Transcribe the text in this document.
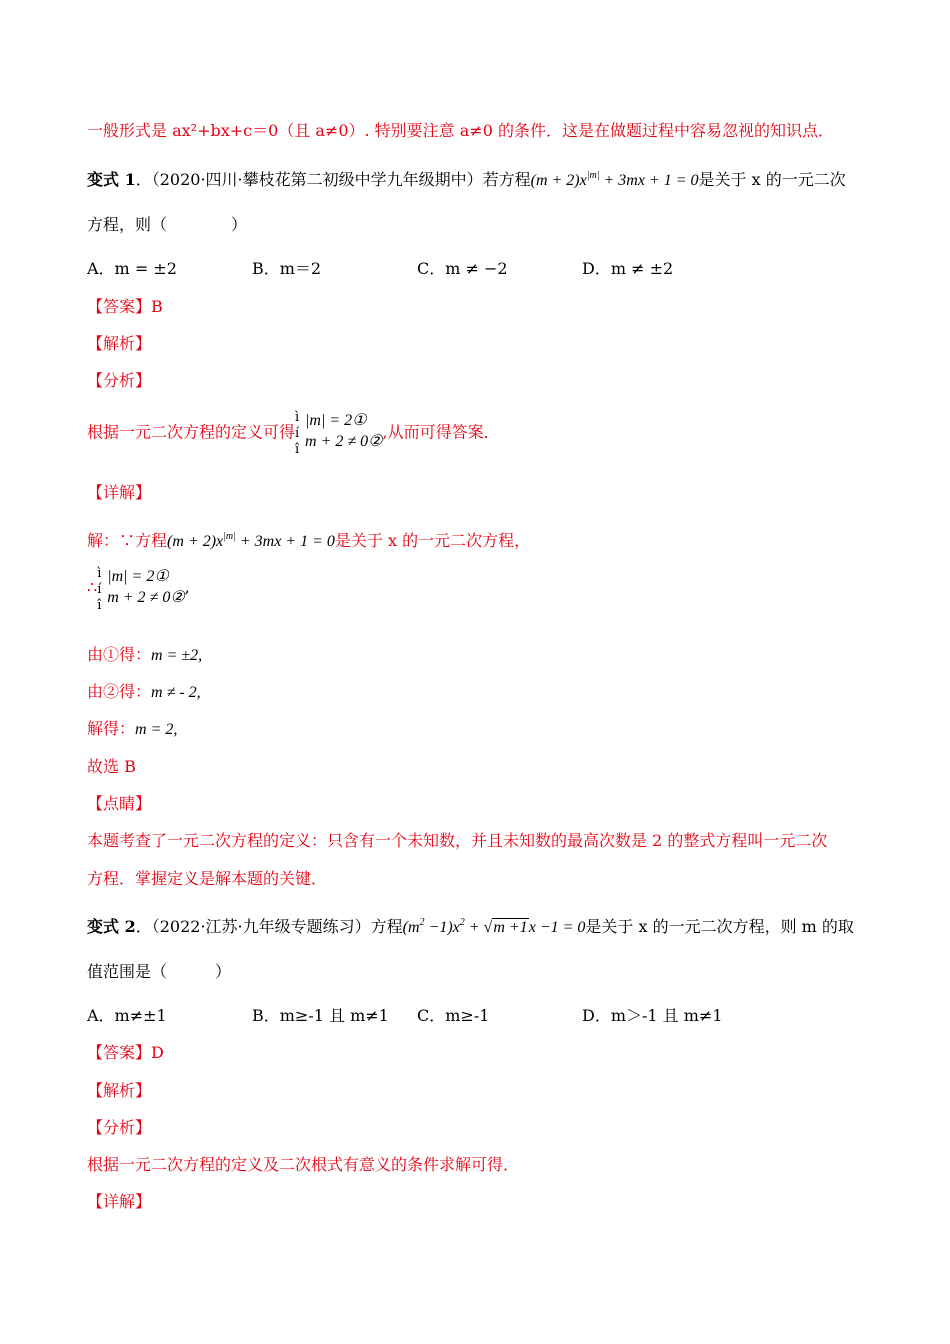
一般形式是 ax²+bx+c＝0（且 a≠0）. 特别要注意 a≠0 的条件．这是在做题过程中容易忽视的知识点．
变式 1．（2020·四川·攀枝花第二初级中学九年级期中）若方程$(m + 2)x^{|m|} + 3mx + 1 = 0$是关于 x 的一元二次
方程，则（　　　　）
A．m = ±2	B．m＝2	C．m ≠ −2	D．m ≠ ±2
【答案】B
【解析】
【分析】
根据一元二次方程的定义可得
ì
í
î
|m| = 2①
m + 2 ≠ 0②,从而可得答案．
【详解】
解：∵方程$(m + 2)x^{|m|} + 3mx + 1 = 0$是关于 x 的一元二次方程，
∴
ì
í
î
|m| = 2①
m + 2 ≠ 0②,
由①得：m = ±2,
由②得：m ≠ - 2,
解得：m = 2,
故选 B
【点睛】
本题考查了一元二次方程的定义：只含有一个未知数，并且未知数的最高次数是 2 的整式方程叫一元二次
方程．掌握定义是解本题的关键．
变式 2．（2022·江苏·九年级专题练习）方程$(m^2 -1)x^2 + √m +1x -1 = 0$是关于 x 的一元二次方程，则 m 的取
值范围是（　　　）
A．m≠±1	B．m≥-1 且 m≠1 C．m≥-1	D．m＞-1 且 m≠1
【答案】D
【解析】
【分析】
根据一元二次方程的定义及二次根式有意义的条件求解可得．
【详解】
